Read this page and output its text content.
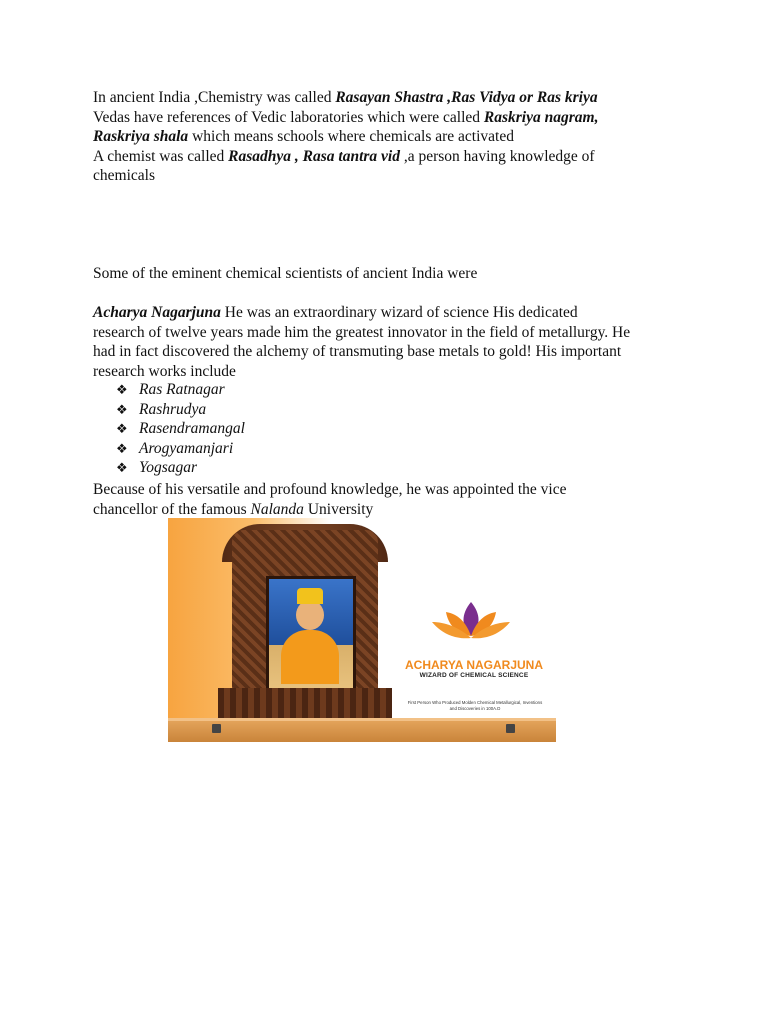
In ancient India ,Chemistry was called Rasayan Shastra ,Ras Vidya or Ras kriya
Vedas have references of Vedic laboratories which were called Raskriya nagram,
Raskriya shala which means schools where chemicals are activated
A chemist was called Rasadhya , Rasa tantra vid ,a person having knowledge of
chemicals
Some of the eminent chemical scientists of ancient India were
Acharya Nagarjuna He was an extraordinary wizard of science His dedicated
research of twelve years made him the greatest innovator in the field of metallurgy. He
had in fact discovered the alchemy of transmuting base metals to gold! His important
research works include
❖ Ras Ratnagar
❖ Rashrudya
❖ Rasendramangal
❖ Arogyamanjari
❖ Yogsagar
Because of his versatile and profound knowledge, he was appointed the vice
chancellor of the famous Nalanda University
ACHARYA NAGARJUNA
WIZARD OF CHEMICAL SCIENCE
First Person Who Produced Molden Chemical Metallurgical, Inventions and Discoveries in 100A.D
